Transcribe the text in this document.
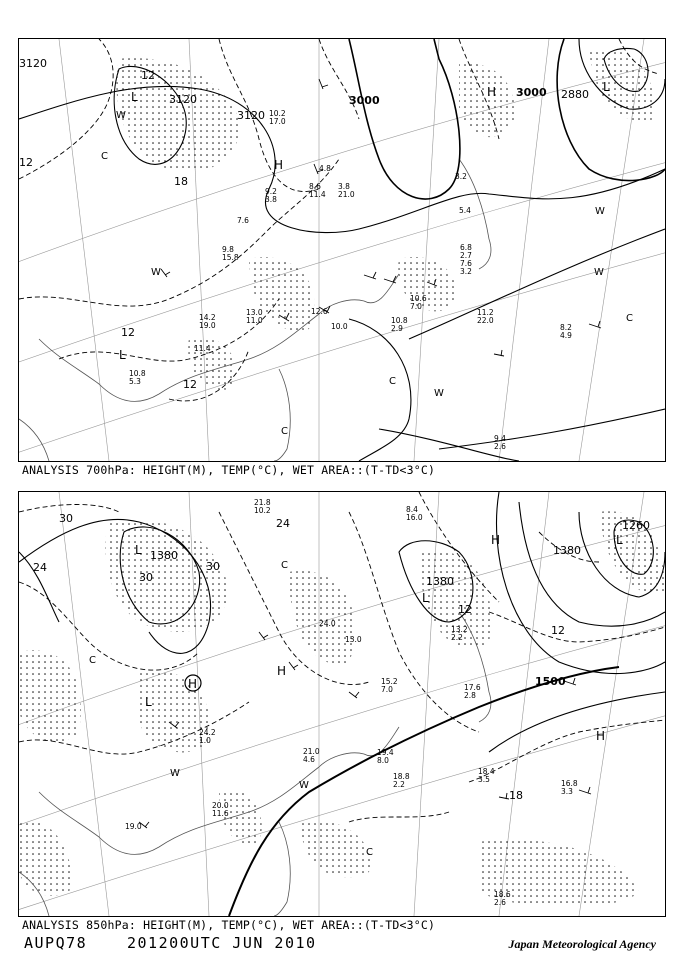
L
H
H	L
W
W
W
W
W
L
C
C
C
C
3120
3120
3120
3000
3000 2880
12
12
18
12
12
10.2
17.0
9.2
3.8
8.6
11.4
4.8
3.8
21.0
7.6
9.8
15.8
10.6
7.0
10.8
2.9
11.2
22.0
8.2
4.9
9.4
2.6
12.6
10.0
13.0
11.0
14.2
19.0
11.4
10.8
5.3
3.2
5.4
6.8
2.7
7.6
3.2
ANALYSIS 700hPa: HEIGHT(M), TEMP(°C), WET AREA::(T-TD<3°C)
L
L
L
L
H
H
H
H
W
W
C
C
C
1380
1380
1380
1260
1500
30
24
30
24
30
18
12
12
21.8
10.2	8.4
16.0
24.0
13.0
15.2
7.0
19.4
8.0
18.8
2.2
18.4
3.5	16.8
3.3
18.6
2.6
20.0
11.6
19.0
17.6
2.8
13.2
2.2
24.2
1.0
21.0
4.6
ANALYSIS 850hPa: HEIGHT(M), TEMP(°C), WET AREA::(T-TD<3°C)
AUPQ78	201200UTC JUN 2010	Japan Meteorological Agency
